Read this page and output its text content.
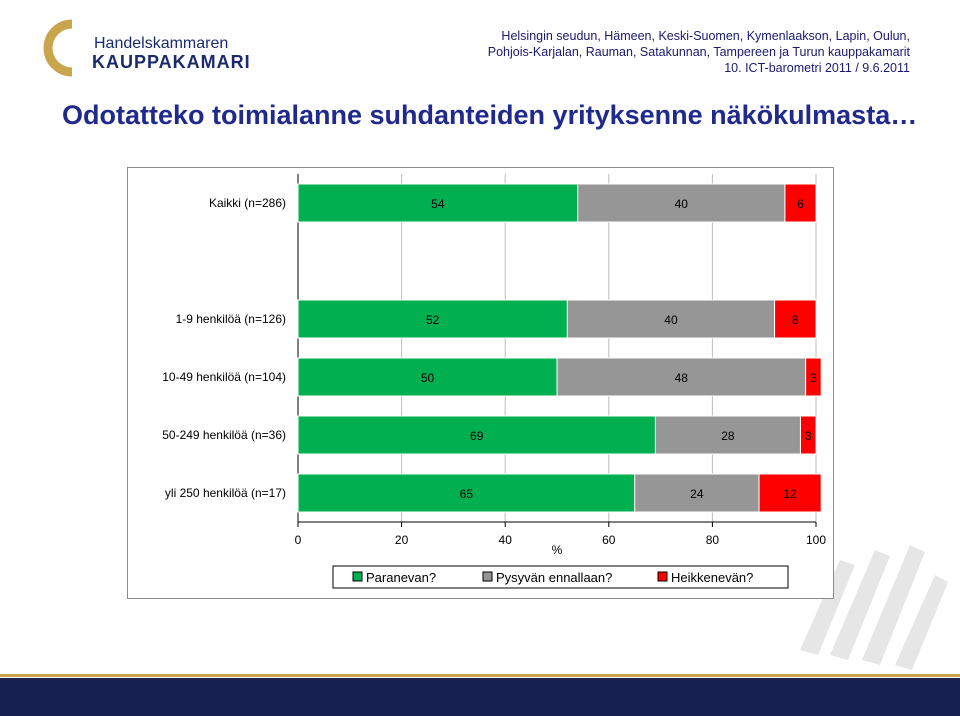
Handelskammaren
KAUPPAKAMARI
Helsingin seudun, Hämeen, Keski-Suomen, Kymenlaakson, Lapin, Oulun,
Pohjois-Karjalan, Rauman, Satakunnan, Tampereen ja Turun kauppakamarit
10. ICT-barometri 2011 / 9.6.2011
Odotatteko toimialanne suhdanteiden yrityksenne näkökulmasta…
0	20	40	60	80	100
%
Kaikki (n=286)	54	40	6
1-9 henkilöä (n=126)	52	40	8
10-49 henkilöä (n=104)	50	48	3
50-249 henkilöä (n=36)	69	28	3
yli 250 henkilöä (n=17)	65	24	12
Paranevan?	Pysyvän ennallaan?	Heikkenevän?
